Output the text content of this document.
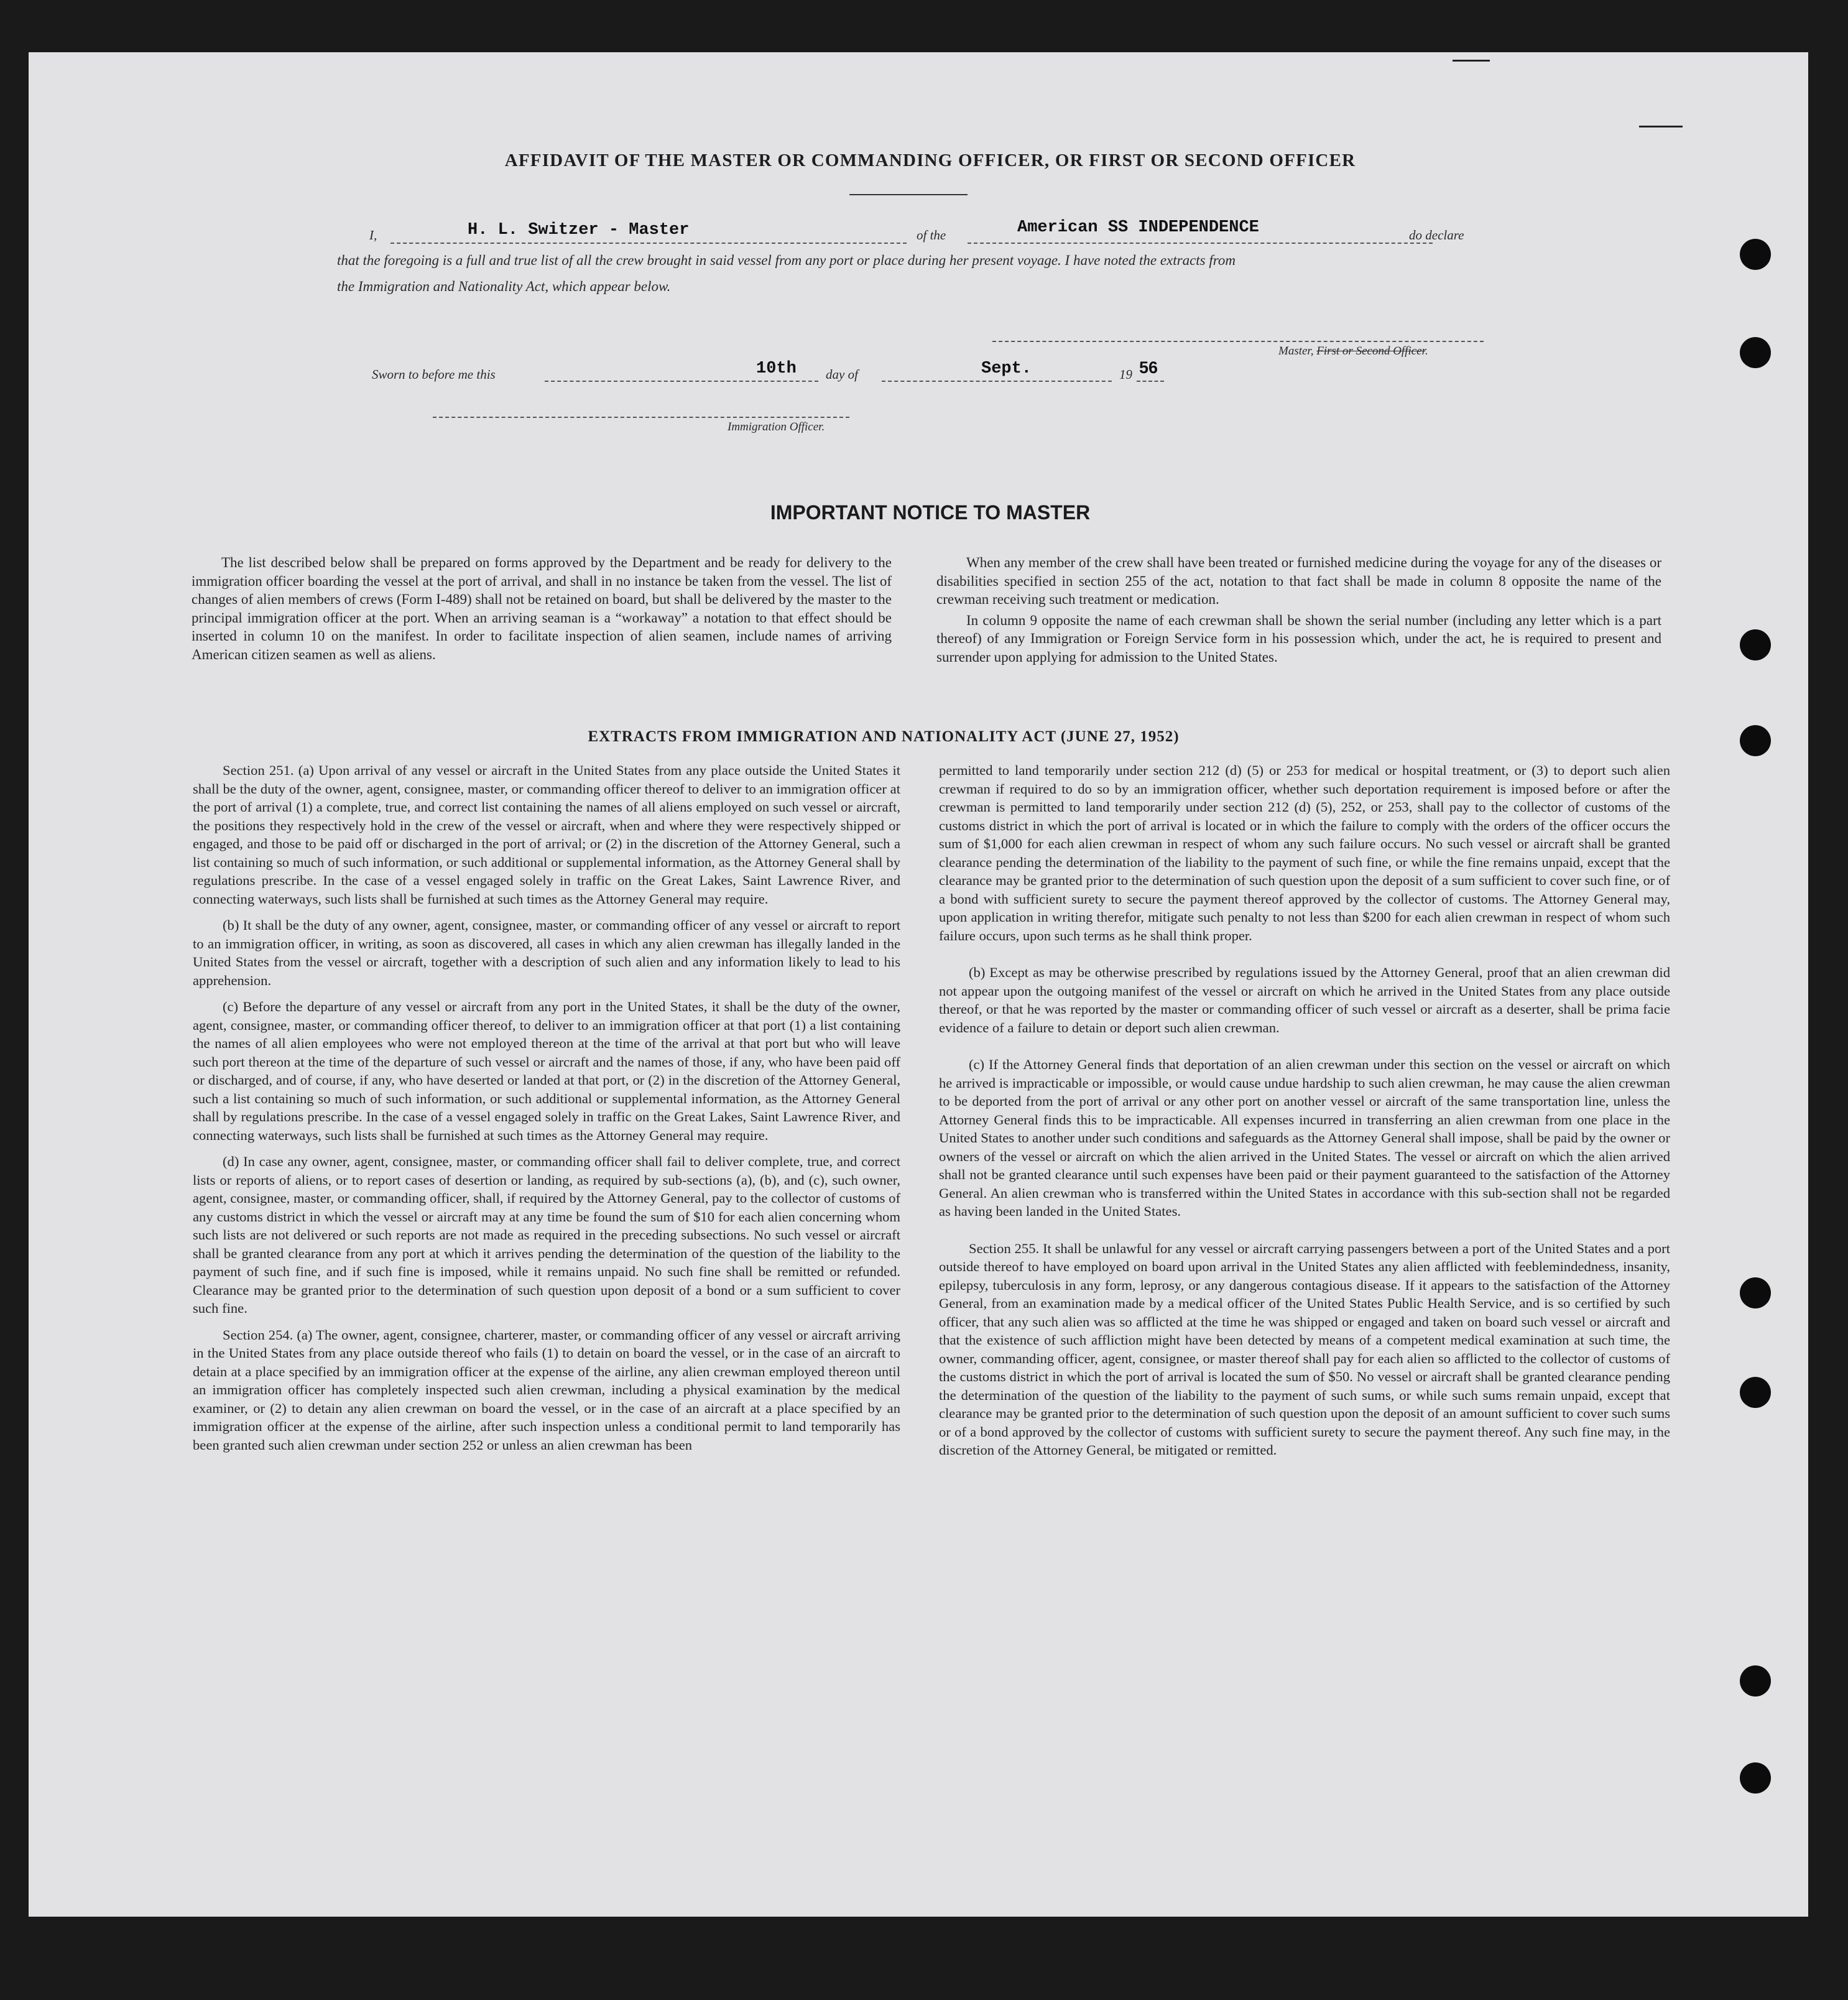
AFFIDAVIT OF THE MASTER OR COMMANDING OFFICER, OR FIRST OR SECOND OFFICER
I,	H. L. Switzer - Master	of the	American SS INDEPENDENCE	do declare
that the foregoing is a full and true list of all the crew brought in said vessel from any port or place during her present voyage. I have noted the extracts from
the Immigration and Nationality Act, which appear below.
Master, First or Second Officer.
Sworn to before me this	10th day of	Sept.	19 56
Immigration Officer.
IMPORTANT NOTICE TO MASTER

The list described below shall be prepared on forms approved by the Department and be ready for delivery to the immigration officer boarding the vessel at the port of arrival, and shall in no instance be taken from the vessel. The list of changes of alien members of crews (Form I-489) shall not be retained on board, but shall be delivered by the master to the principal immigration officer at the port. When an arriving seaman is a “workaway” a notation to that effect should be inserted in column 10 on the manifest. In order to facilitate inspection of alien seamen, include names of arriving American citizen seamen as well as aliens.

When any member of the crew shall have been treated or furnished medicine during the voyage for any of the diseases or disabilities specified in section 255 of the act, notation to that fact shall be made in column 8 opposite the name of the crewman receiving such treatment or medication.

In column 9 opposite the name of each crewman shall be shown the serial number (including any letter which is a part thereof) of any Immigration or Foreign Service form in his possession which, under the act, he is required to present and surrender upon applying for admission to the United States.

EXTRACTS FROM IMMIGRATION AND NATIONALITY ACT (JUNE 27, 1952)

Section 251. (a) Upon arrival of any vessel or aircraft in the United States from any place outside the United States it shall be the duty of the owner, agent, consignee, master, or commanding officer thereof to deliver to an immigration officer at the port of arrival (1) a complete, true, and correct list containing the names of all aliens employed on such vessel or aircraft, the positions they respectively hold in the crew of the vessel or aircraft, when and where they were respectively shipped or engaged, and those to be paid off or discharged in the port of arrival; or (2) in the discretion of the Attorney General, such a list containing so much of such information, or such additional or supplemental information, as the Attorney General shall by regulations prescribe. In the case of a vessel engaged solely in traffic on the Great Lakes, Saint Lawrence River, and connecting waterways, such lists shall be furnished at such times as the Attorney General may require.

(b) It shall be the duty of any owner, agent, consignee, master, or commanding officer of any vessel or aircraft to report to an immigration officer, in writing, as soon as discovered, all cases in which any alien crewman has illegally landed in the United States from the vessel or aircraft, together with a description of such alien and any information likely to lead to his apprehension.

(c) Before the departure of any vessel or aircraft from any port in the United States, it shall be the duty of the owner, agent, consignee, master, or commanding officer thereof, to deliver to an immigration officer at that port (1) a list containing the names of all alien employees who were not employed thereon at the time of the arrival at that port but who will leave such port thereon at the time of the departure of such vessel or aircraft and the names of those, if any, who have been paid off or discharged, and of course, if any, who have deserted or landed at that port, or (2) in the discretion of the Attorney General, such a list containing so much of such information, or such additional or supplemental information, as the Attorney General shall by regulations prescribe. In the case of a vessel engaged solely in traffic on the Great Lakes, Saint Lawrence River, and connecting waterways, such lists shall be furnished at such times as the Attorney General may require.

(d) In case any owner, agent, consignee, master, or commanding officer shall fail to deliver complete, true, and correct lists or reports of aliens, or to report cases of desertion or landing, as required by sub-sections (a), (b), and (c), such owner, agent, consignee, master, or commanding officer, shall, if required by the Attorney General, pay to the collector of customs of any customs district in which the vessel or aircraft may at any time be found the sum of $10 for each alien concerning whom such lists are not delivered or such reports are not made as required in the preceding subsections. No such vessel or aircraft shall be granted clearance from any port at which it arrives pending the determination of the question of the liability to the payment of such fine, and if such fine is imposed, while it remains unpaid. No such fine shall be remitted or refunded. Clearance may be granted prior to the determination of such question upon deposit of a bond or a sum sufficient to cover such fine.

Section 254. (a) The owner, agent, consignee, charterer, master, or commanding officer of any vessel or aircraft arriving in the United States from any place outside thereof who fails (1) to detain on board the vessel, or in the case of an aircraft to detain at a place specified by an immigration officer at the expense of the airline, any alien crewman employed thereon until an immigration officer has completely inspected such alien crewman, including a physical examination by the medical examiner, or (2) to detain any alien crewman on board the vessel, or in the case of an aircraft at a place specified by an immigration officer at the expense of the airline, after such inspection unless a conditional permit to land temporarily has been granted such alien crewman under section 252 or unless an alien crewman has been

permitted to land temporarily under section 212 (d) (5) or 253 for medical or hospital treatment, or (3) to deport such alien crewman if required to do so by an immigration officer, whether such deportation requirement is imposed before or after the crewman is permitted to land temporarily under section 212 (d) (5), 252, or 253, shall pay to the collector of customs of the customs district in which the port of arrival is located or in which the failure to comply with the orders of the officer occurs the sum of $1,000 for each alien crewman in respect of whom any such failure occurs. No such vessel or aircraft shall be granted clearance pending the determination of the liability to the payment of such fine, or while the fine remains unpaid, except that the clearance may be granted prior to the determination of such question upon the deposit of a sum sufficient to cover such fine, or of a bond with sufficient surety to secure the payment thereof approved by the collector of customs. The Attorney General may, upon application in writing therefor, mitigate such penalty to not less than $200 for each alien crewman in respect of whom such failure occurs, upon such terms as he shall think proper.

(b) Except as may be otherwise prescribed by regulations issued by the Attorney General, proof that an alien crewman did not appear upon the outgoing manifest of the vessel or aircraft on which he arrived in the United States from any place outside thereof, or that he was reported by the master or commanding officer of such vessel or aircraft as a deserter, shall be prima facie evidence of a failure to detain or deport such alien crewman.

(c) If the Attorney General finds that deportation of an alien crewman under this section on the vessel or aircraft on which he arrived is impracticable or impossible, or would cause undue hardship to such alien crewman, he may cause the alien crewman to be deported from the port of arrival or any other port on another vessel or aircraft of the same transportation line, unless the Attorney General finds this to be impracticable. All expenses incurred in transferring an alien crewman from one place in the United States to another under such conditions and safeguards as the Attorney General shall impose, shall be paid by the owner or owners of the vessel or aircraft on which the alien arrived in the United States. The vessel or aircraft on which the alien arrived shall not be granted clearance until such expenses have been paid or their payment guaranteed to the satisfaction of the Attorney General. An alien crewman who is transferred within the United States in accordance with this sub-section shall not be regarded as having been landed in the United States.

Section 255. It shall be unlawful for any vessel or aircraft carrying passengers between a port of the United States and a port outside thereof to have employed on board upon arrival in the United States any alien afflicted with feeblemindedness, insanity, epilepsy, tuberculosis in any form, leprosy, or any dangerous contagious disease. If it appears to the satisfaction of the Attorney General, from an examination made by a medical officer of the United States Public Health Service, and is so certified by such officer, that any such alien was so afflicted at the time he was shipped or engaged and taken on board such vessel or aircraft and that the existence of such affliction might have been detected by means of a competent medical examination at such time, the owner, commanding officer, agent, consignee, or master thereof shall pay for each alien so afflicted to the collector of customs of the customs district in which the port of arrival is located the sum of $50. No vessel or aircraft shall be granted clearance pending the determination of the question of the liability to the payment of such sums, or while such sums remain unpaid, except that clearance may be granted prior to the determination of such question upon the deposit of an amount sufficient to cover such sums or of a bond approved by the collector of customs with sufficient surety to secure the payment thereof. Any such fine may, in the discretion of the Attorney General, be mitigated or remitted.
